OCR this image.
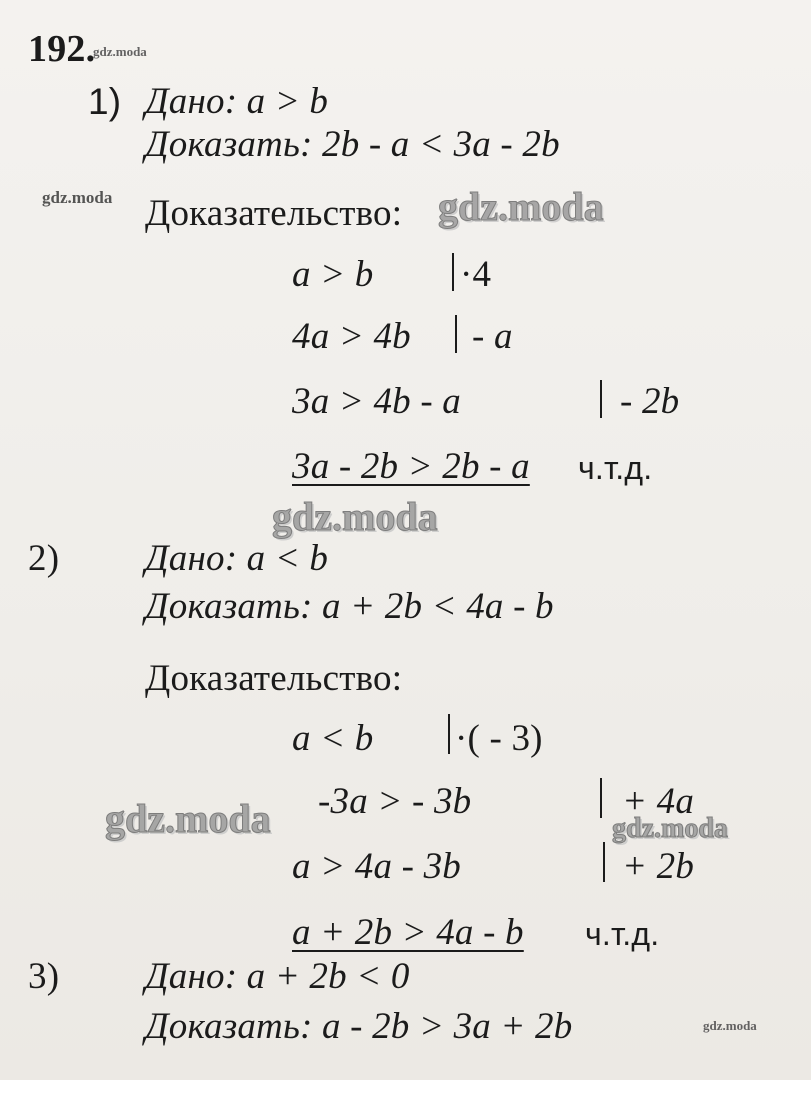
192.
gdz.moda
1) Дано: a > b
Доказать: 2b - a < 3a - 2b
gdz.moda Доказательство: gdz.moda
a > b ·4
4a > 4b - a
3a > 4b - a	- 2b
3a - 2b > 2b - a ч.т.д.
gdz.moda
2) Дано: a < b
Доказать: a + 2b < 4a - b
Доказательство:
a < b ·( - 3)
gdz.moda -3a > - 3b	+ 4a
gdz.moda
a > 4a - 3b	+ 2b
a + 2b > 4a - b ч.т.д.
3) Дано: a + 2b < 0
Доказать: a - 2b > 3a + 2b	gdz.moda
